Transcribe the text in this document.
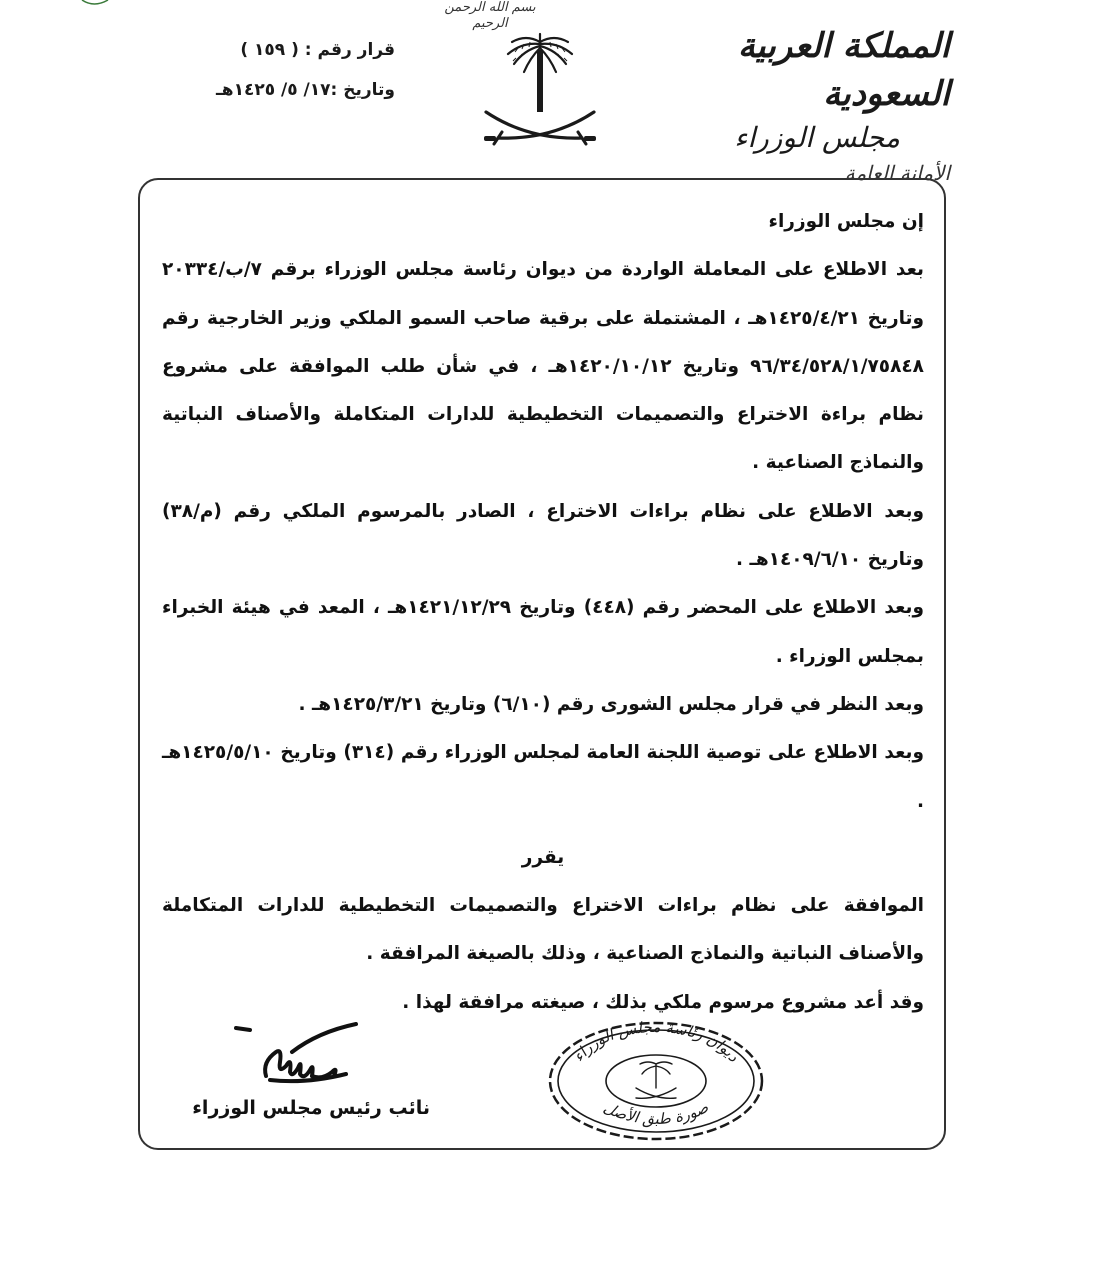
بسم الله الرحمن الرحيم
المملكة العربية السعودية
مجلس الوزراء
الأمانة العامة
قرار رقم : ( ١٥٩ )
وتاريخ :١٧/ ٥/ ١٤٢٥هـ

إن مجلس الوزراء

بعد الاطلاع على المعاملة الواردة من ديوان رئاسة مجلس الوزراء برقم ٧/ب/٢٠٣٣٤ وتاريخ ١٤٢٥/٤/٢١هـ ، المشتملة على برقية صاحب السمو الملكي وزير الخارجية رقم ٩٦/٣٤/٥٢٨/١/٧٥٨٤٨ وتاريخ ١٤٢٠/١٠/١٢هـ ، في شأن طلب الموافقة على مشروع نظام براءة الاختراع والتصميمات التخطيطية للدارات المتكاملة والأصناف النباتية والنماذج الصناعية .

وبعد الاطلاع على نظام براءات الاختراع ، الصادر بالمرسوم الملكي رقم (م/٣٨) وتاريخ ١٤٠٩/٦/١٠هـ .

وبعد الاطلاع على المحضر رقم (٤٤٨) وتاريخ ١٤٢١/١٢/٢٩هـ ، المعد في هيئة الخبراء بمجلس الوزراء .

وبعد النظر في قرار مجلس الشورى رقم (٦/١٠) وتاريخ ١٤٢٥/٣/٢١هـ .

وبعد الاطلاع على توصية اللجنة العامة لمجلس الوزراء رقم (٣١٤) وتاريخ ١٤٢٥/٥/١٠هـ .

يقرر

الموافقة على نظام براءات الاختراع والتصميمات التخطيطية للدارات المتكاملة والأصناف النباتية والنماذج الصناعية ، وذلك بالصيغة المرافقة .

وقد أعد مشروع مرسوم ملكي بذلك ، صيغته مرافقة لهذا .

ديوان رئاسة مجلس الوزراء
صورة طبق الأصل
نائب رئيس مجلس الوزراء
